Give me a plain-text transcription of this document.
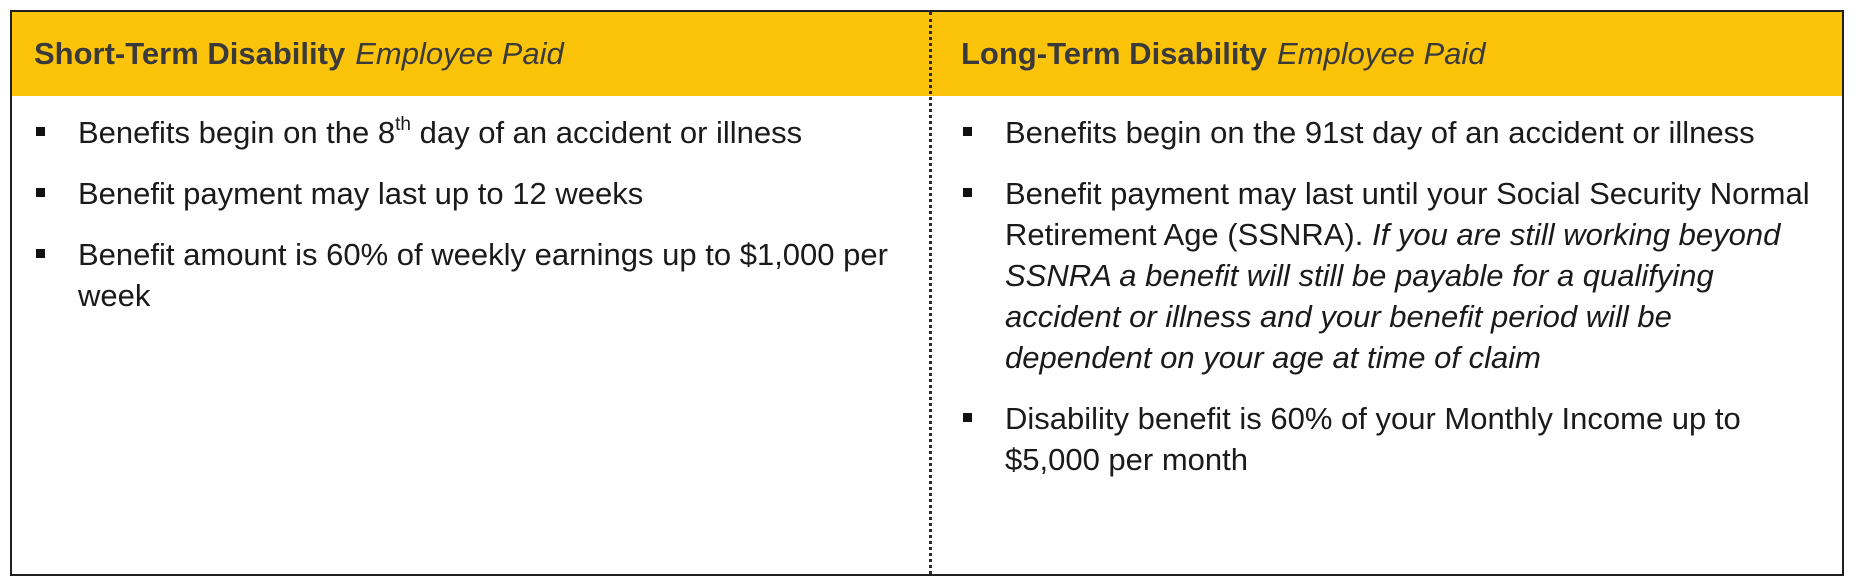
Short-Term Disability Employee Paid
Benefits begin on the 8th day of an accident or illness
Benefit payment may last up to 12 weeks
Benefit amount is 60% of weekly earnings up to $1,000 per week
Long-Term Disability Employee Paid
Benefits begin on the 91st day of an accident or illness
Benefit payment may last until your Social Security Normal Retirement Age (SSNRA). If you are still working beyond SSNRA a benefit will still be payable for a qualifying accident or illness and your benefit period will be dependent on your age at time of claim
Disability benefit is 60% of your Monthly Income up to $5,000 per month
